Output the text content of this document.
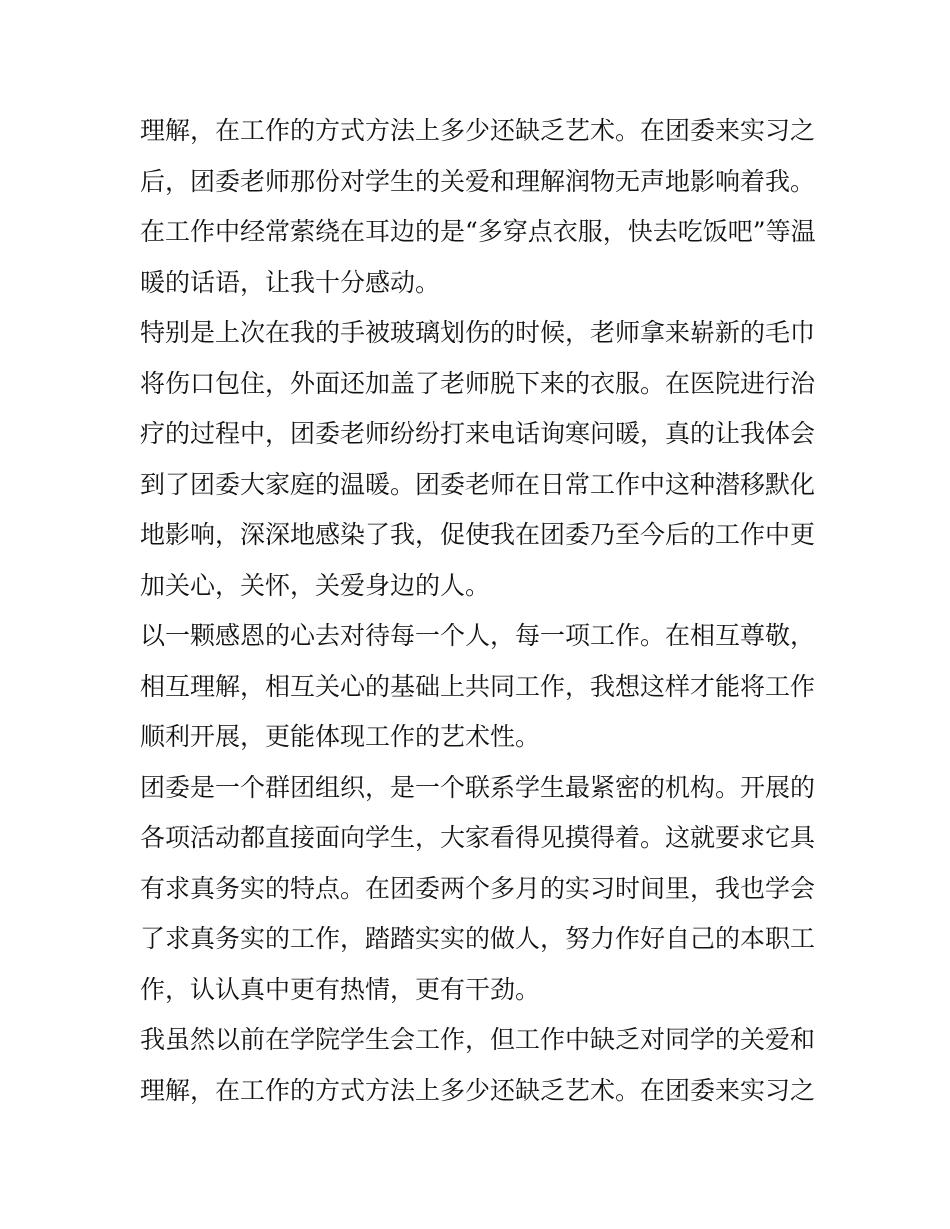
理解，在工作的方式方法上多少还缺乏艺术。在团委来实习之
后，团委老师那份对学生的关爱和理解润物无声地影响着我。
在工作中经常萦绕在耳边的是“多穿点衣服，快去吃饭吧”等温
暖的话语，让我十分感动。
特别是上次在我的手被玻璃划伤的时候，老师拿来崭新的毛巾
将伤口包住，外面还加盖了老师脱下来的衣服。在医院进行治
疗的过程中，团委老师纷纷打来电话询寒问暖，真的让我体会
到了团委大家庭的温暖。团委老师在日常工作中这种潜移默化
地影响，深深地感染了我，促使我在团委乃至今后的工作中更
加关心，关怀，关爱身边的人。
以一颗感恩的心去对待每一个人，每一项工作。在相互尊敬，
相互理解，相互关心的基础上共同工作，我想这样才能将工作
顺利开展，更能体现工作的艺术性。
团委是一个群团组织，是一个联系学生最紧密的机构。开展的
各项活动都直接面向学生，大家看得见摸得着。这就要求它具
有求真务实的特点。在团委两个多月的实习时间里，我也学会
了求真务实的工作，踏踏实实的做人，努力作好自己的本职工
作，认认真中更有热情，更有干劲。
我虽然以前在学院学生会工作，但工作中缺乏对同学的关爱和
理解，在工作的方式方法上多少还缺乏艺术。在团委来实习之
